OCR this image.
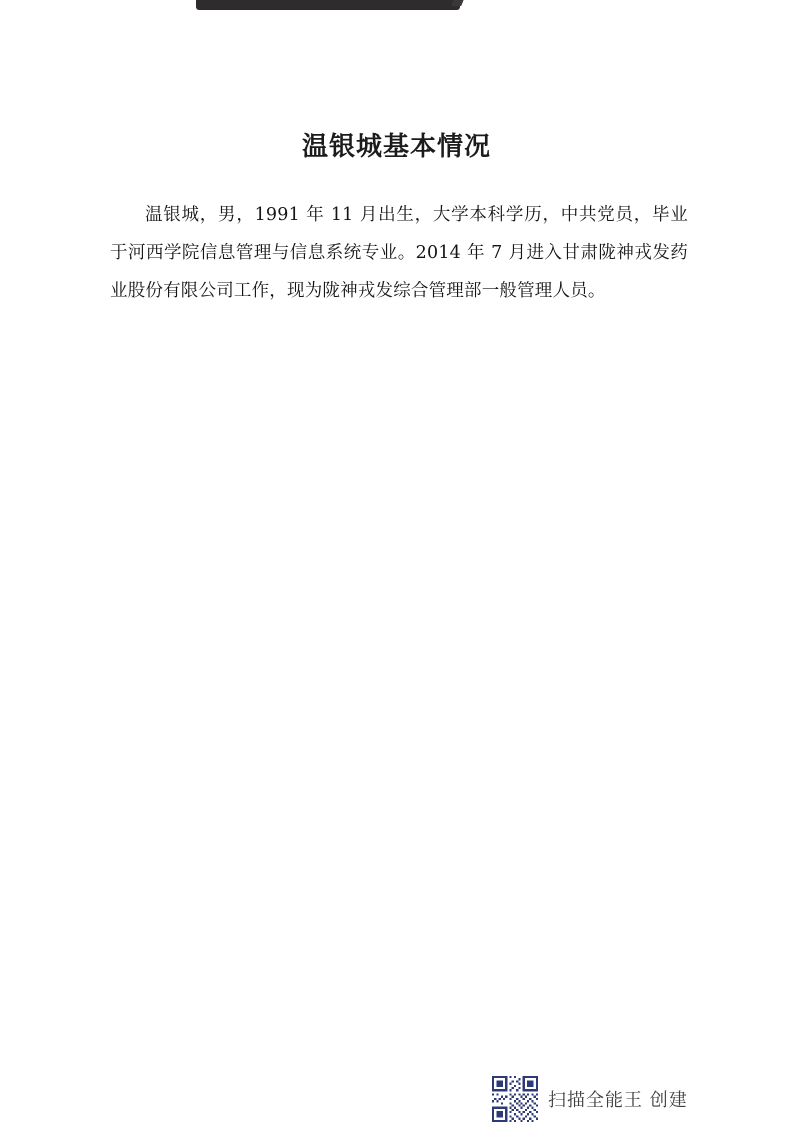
温银城基本情况
温银城，男，1991 年 11 月出生，大学本科学历，中共党员，毕业于河西学院信息管理与信息系统专业。2014 年 7 月进入甘肃陇神戎发药业股份有限公司工作，现为陇神戎发综合管理部一般管理人员。
扫描全能王 创建
